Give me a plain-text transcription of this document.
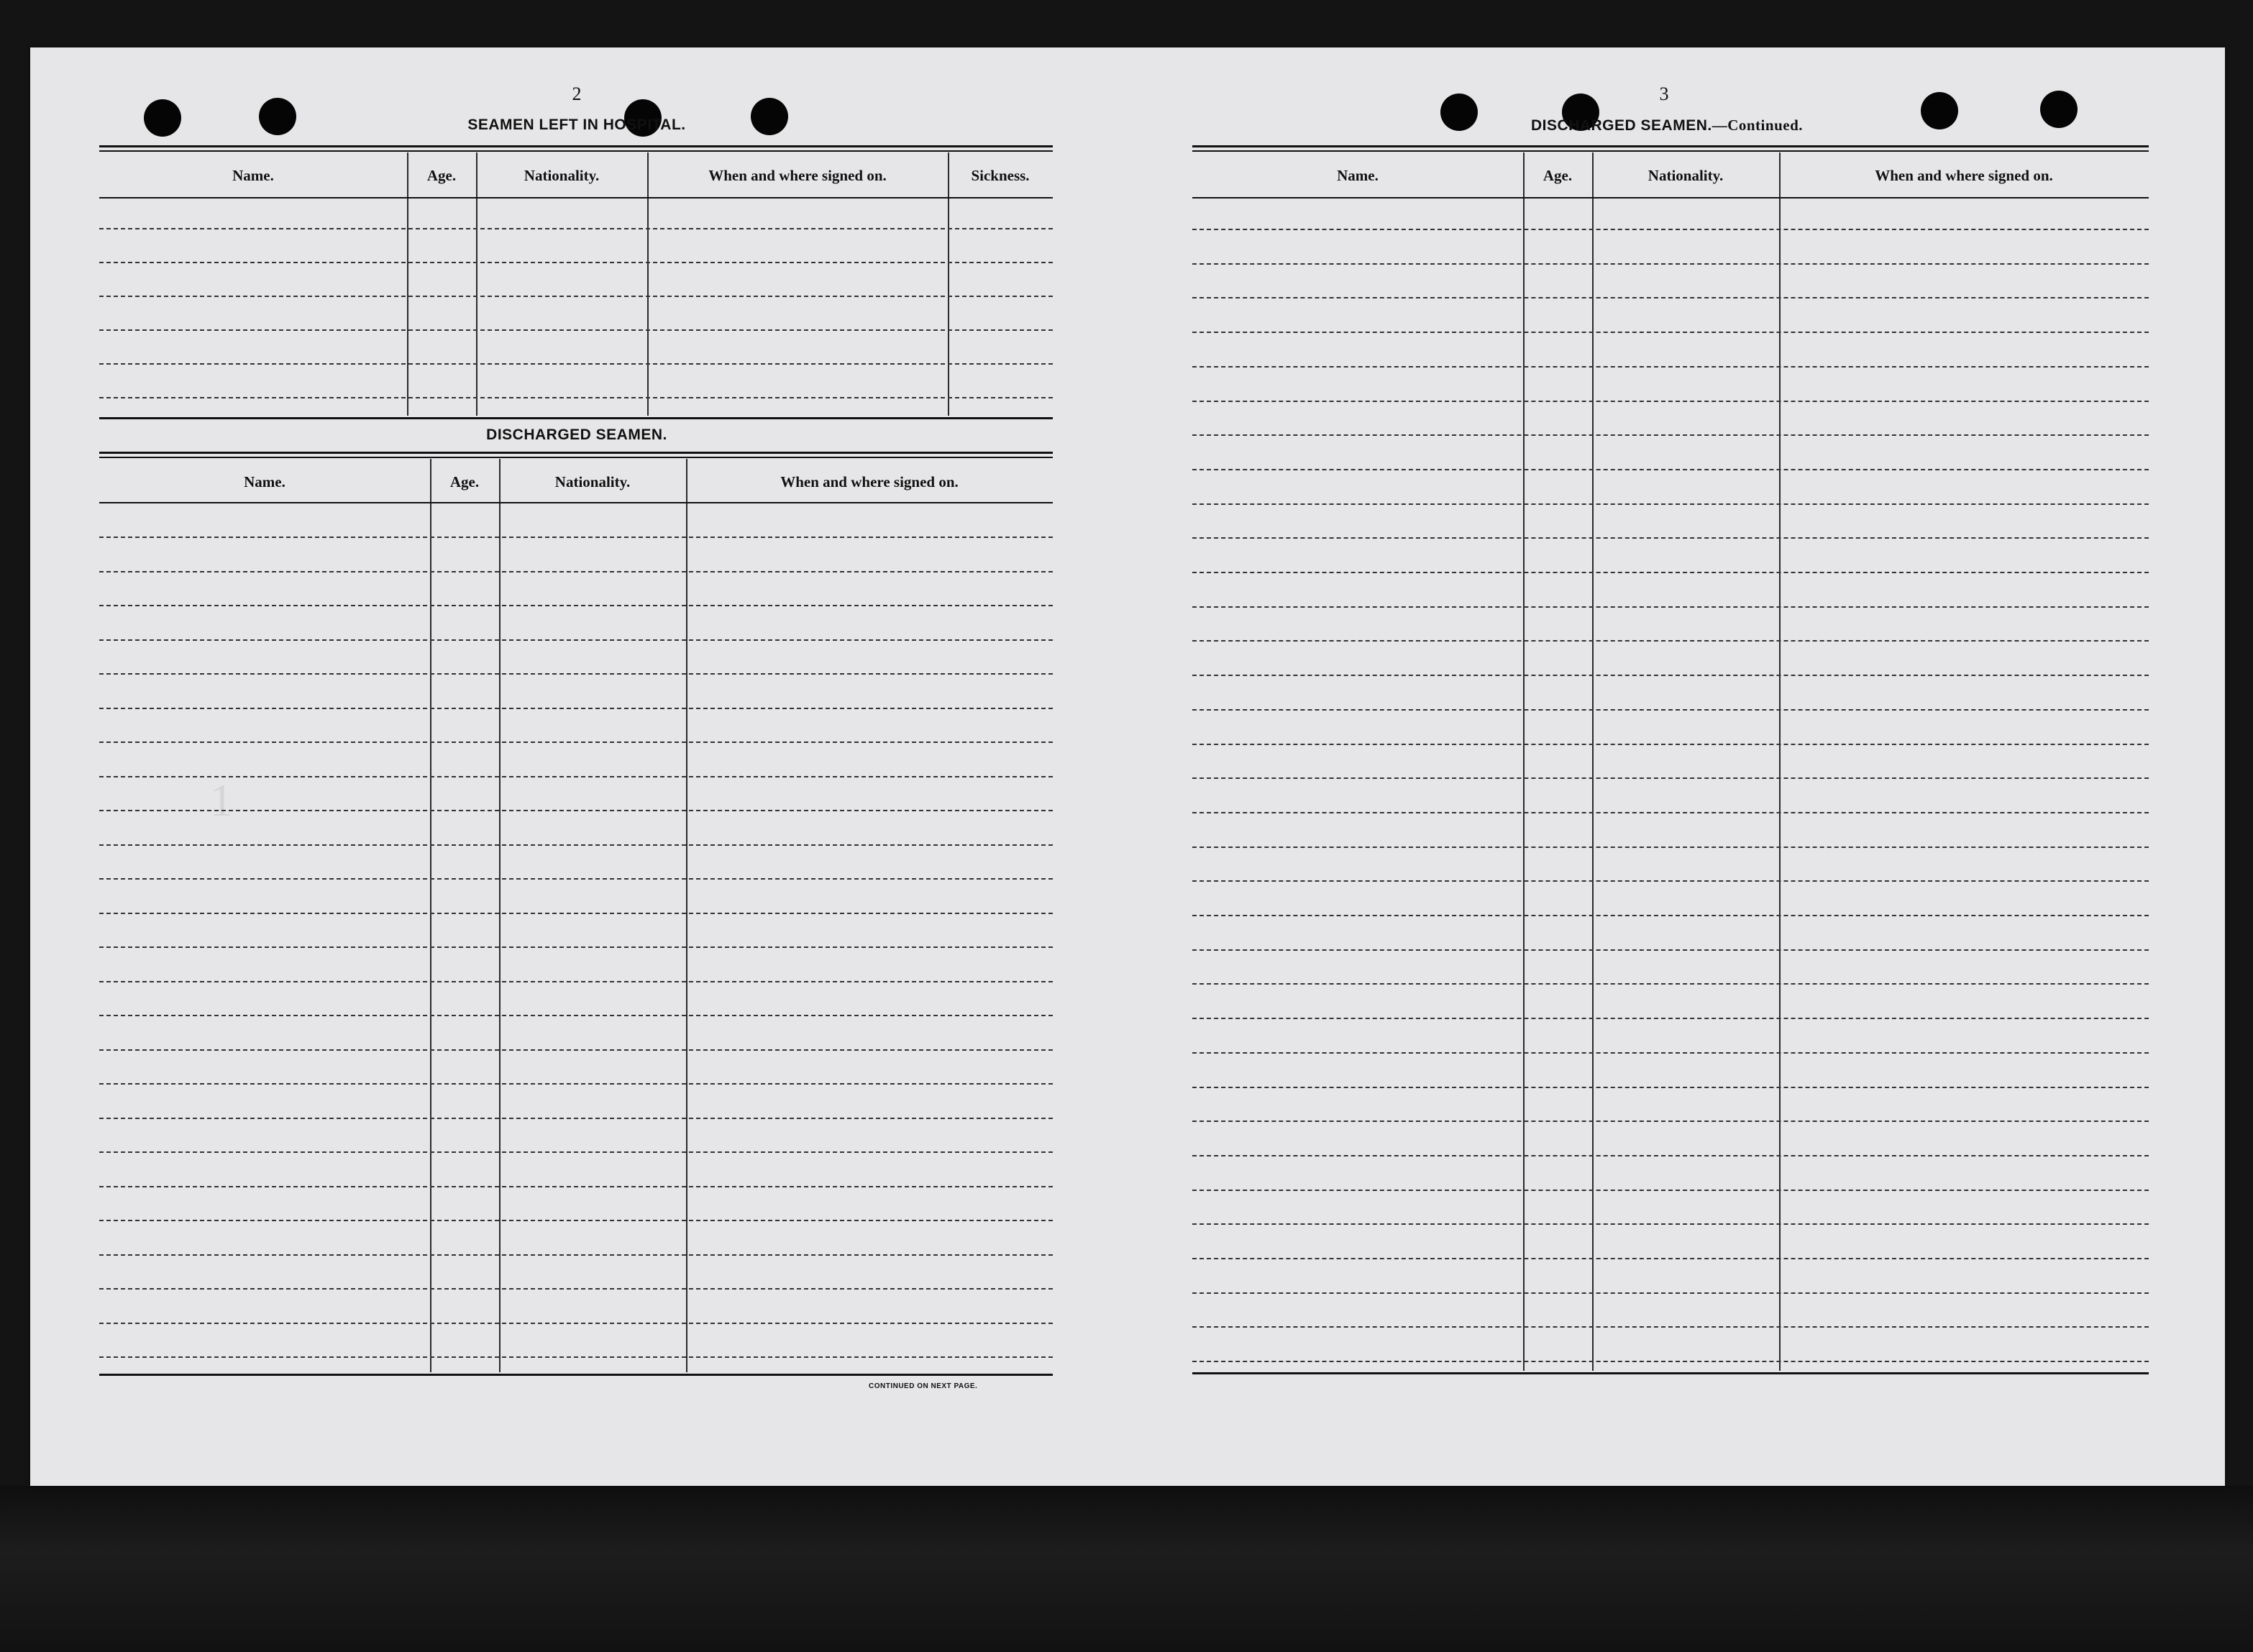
1
2
SEAMEN LEFT IN HOSPITAL.
Name.	Age.	Nationality.	When and where signed on.	Sickness.
DISCHARGED SEAMEN.
Name.	Age.	Nationality.	When and where signed on.
CONTINUED ON NEXT PAGE.
3
DISCHARGED SEAMEN.—Continued.
Name.	Age.	Nationality.	When and where signed on.
